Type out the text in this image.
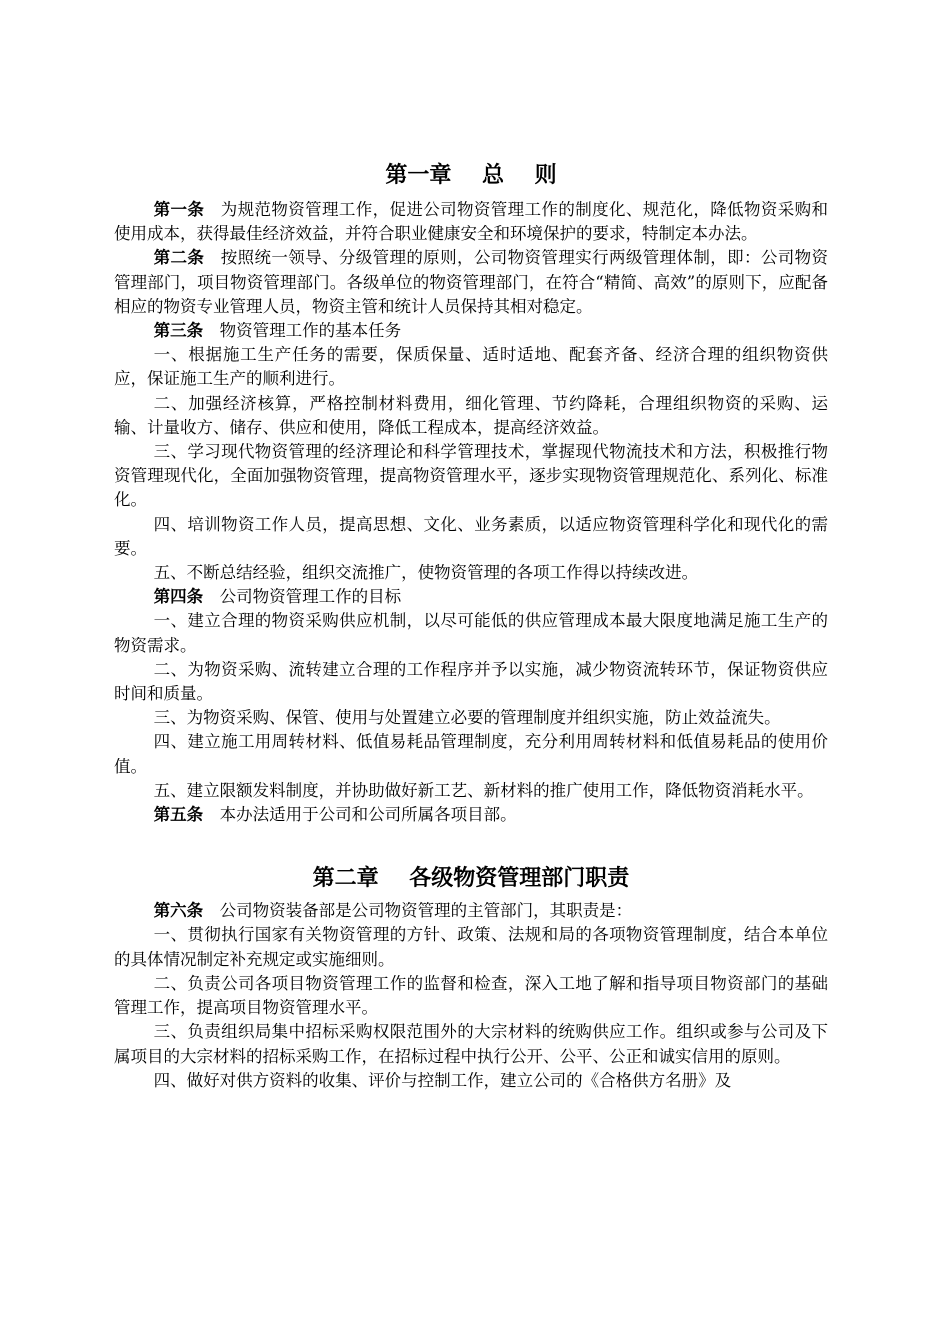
第一章    总    则

第一条 为规范物资管理工作，促进公司物资管理工作的制度化、规范化，降低物资采购和使用成本，获得最佳经济效益，并符合职业健康安全和环境保护的要求，特制定本办法。

第二条 按照统一领导、分级管理的原则，公司物资管理实行两级管理体制，即：公司物资管理部门，项目物资管理部门。各级单位的物资管理部门，在符合“精简、高效”的原则下，应配备相应的物资专业管理人员，物资主管和统计人员保持其相对稳定。

第三条 物资管理工作的基本任务

一、根据施工生产任务的需要，保质保量、适时适地、配套齐备、经济合理的组织物资供应，保证施工生产的顺利进行。

二、加强经济核算，严格控制材料费用，细化管理、节约降耗，合理组织物资的采购、运输、计量收方、储存、供应和使用，降低工程成本，提高经济效益。

三、学习现代物资管理的经济理论和科学管理技术，掌握现代物流技术和方法，积极推行物资管理现代化，全面加强物资管理，提高物资管理水平，逐步实现物资管理规范化、系列化、标准化。

四、培训物资工作人员，提高思想、文化、业务素质，以适应物资管理科学化和现代化的需要。

五、不断总结经验，组织交流推广，使物资管理的各项工作得以持续改进。

第四条 公司物资管理工作的目标

一、建立合理的物资采购供应机制，以尽可能低的供应管理成本最大限度地满足施工生产的物资需求。

二、为物资采购、流转建立合理的工作程序并予以实施，减少物资流转环节，保证物资供应时间和质量。

三、为物资采购、保管、使用与处置建立必要的管理制度并组织实施，防止效益流失。

四、建立施工用周转材料、低值易耗品管理制度，充分利用周转材料和低值易耗品的使用价值。

五、建立限额发料制度，并协助做好新工艺、新材料的推广使用工作，降低物资消耗水平。

第五条 本办法适用于公司和公司所属各项目部。

第二章    各级物资管理部门职责

第六条 公司物资装备部是公司物资管理的主管部门，其职责是：

一、贯彻执行国家有关物资管理的方针、政策、法规和局的各项物资管理制度，结合本单位的具体情况制定补充规定或实施细则。

二、负责公司各项目物资管理工作的监督和检查，深入工地了解和指导项目物资部门的基础管理工作，提高项目物资管理水平。

三、负责组织局集中招标采购权限范围外的大宗材料的统购供应工作。组织或参与公司及下属项目的大宗材料的招标采购工作，在招标过程中执行公开、公平、公正和诚实信用的原则。

四、做好对供方资料的收集、评价与控制工作，建立公司的《合格供方名册》及
